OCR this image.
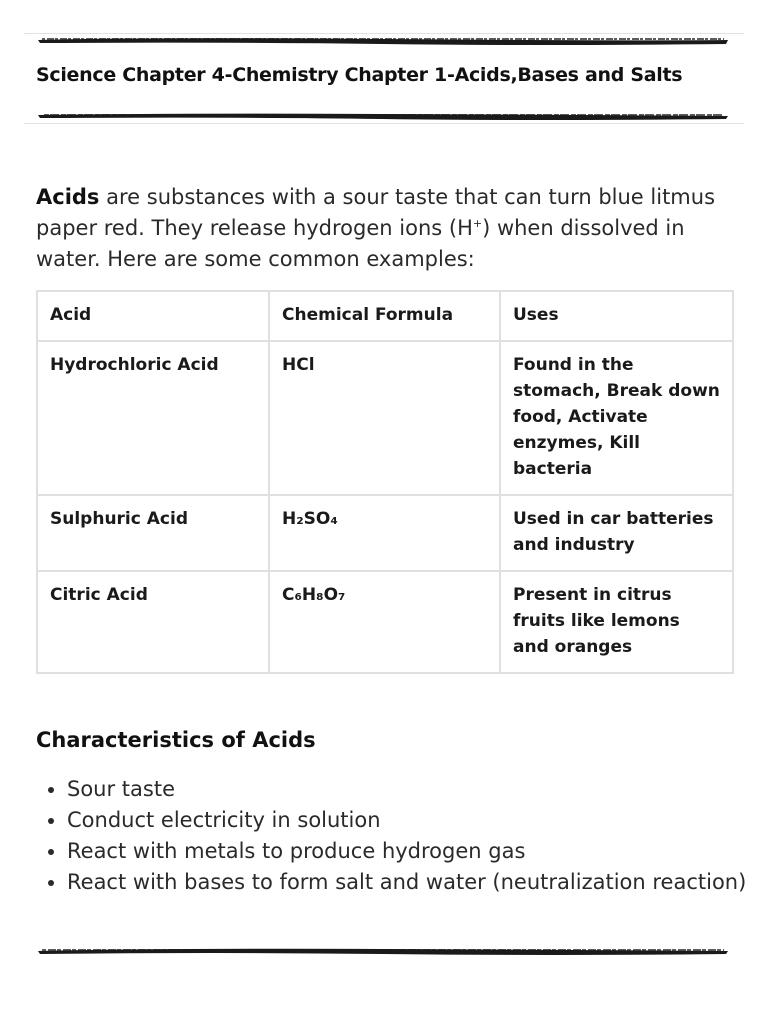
Science Chapter 4-Chemistry Chapter 1-Acids,Bases and Salts

Acids are substances with a sour taste that can turn blue litmus paper red. They release hydrogen ions (H+) when dissolved in water. Here are some common examples:

Acid	Chemical Formula	Uses
Hydrochloric Acid	HCl	Found in the stomach, Break down food, Activate enzymes, Kill bacteria
Sulphuric Acid	H₂SO₄	Used in car batteries and industry
Citric Acid	C₆H₈O₇	Present in citrus fruits like lemons and oranges
Characteristics of Acids
• Sour taste
• Conduct electricity in solution
• React with metals to produce hydrogen gas
• React with bases to form salt and water (neutralization reaction)
